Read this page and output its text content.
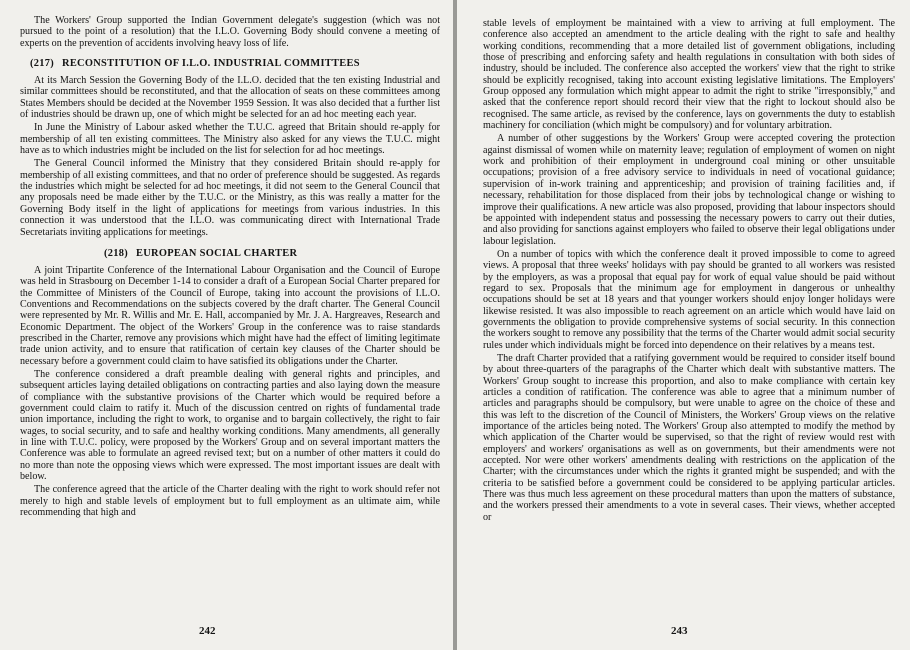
The Workers' Group supported the Indian Government delegate's suggestion (which was not pursued to the point of a resolution) that the I.L.O. Governing Body should convene a meeting of experts on the prevention of accidents involving heavy loss of life.

(217) RECONSTITUTION OF I.L.O. INDUSTRIAL COMMITTEES

At its March Session the Governing Body of the I.L.O. decided that the ten existing Industrial and similar committees should be reconstituted, and that the allocation of seats on these committees among States Members should be decided at the November 1959 Session. It was also decided that a further list of industries should be drawn up, one of which might be selected for an ad hoc meeting each year.

In June the Ministry of Labour asked whether the T.U.C. agreed that Britain should re-apply for membership of all ten existing committees. The Ministry also asked for any views the T.U.C. might have as to which industries might be included on the list for selection for ad hoc meetings.

The General Council informed the Ministry that they considered Britain should re-apply for membership of all existing committees, and that no order of preference should be suggested. As regards the industries which might be selected for ad hoc meetings, it did not seem to the General Council that any proposals need be made either by the T.U.C. or the Ministry, as this was really a matter for the Governing Body itself in the light of applications for meetings from various industries. In this connection it was understood that the I.L.O. was communicating direct with International Trade Secretariats inviting applications for meetings.

(218) EUROPEAN SOCIAL CHARTER

A joint Tripartite Conference of the International Labour Organisation and the Council of Europe was held in Strasbourg on December 1-14 to consider a draft of a European Social Charter prepared for the Committee of Ministers of the Council of Europe, taking into account the provisions of I.L.O. Conventions and Recommendations on the subjects covered by the draft charter. The General Council were represented by Mr. R. Willis and Mr. E. Hall, accompanied by Mr. J. A. Hargreaves, Research and Economic Department. The object of the Workers' Group in the conference was to raise standards prescribed in the Charter, remove any provisions which might have had the effect of limiting legitimate trade union activity, and to ensure that ratification of certain key clauses of the Charter should be necessary before a government could claim to have satisfied its obligations under the Charter.

The conference considered a draft preamble dealing with general rights and principles, and subsequent articles laying detailed obligations on contracting parties and also laying down the measure of compliance with the substantive provisions of the Charter which would be required before a government could claim to ratify it. Much of the discussion centred on rights of fundamental trade union importance, including the right to work, to organise and to bargain collectively, the right to fair wages, to social security, and to safe and healthy working conditions. Many amendments, all generally in line with T.U.C. policy, were proposed by the Workers' Group and on several important matters the Conference was able to formulate an agreed revised text; but on a number of other matters it could do no more than note the opposing views which were expressed. The most important issues are dealt with below.

The conference agreed that the article of the Charter dealing with the right to work should refer not merely to high and stable levels of employment but to full employment as an ultimate aim, while recommending that high and

242

stable levels of employment be maintained with a view to arriving at full employment. The conference also accepted an amendment to the article dealing with the right to safe and healthy working conditions, recommending that a more detailed list of government obligations, including those of prescribing and enforcing safety and health regulations in consultation with both sides of industry, should be included. The conference also accepted the workers' view that the right to strike should be explicitly recognised, taking into account existing legislative limitations. The Employers' Group opposed any formulation which might appear to admit the right to strike "irresponsibly," and asked that the conference report should record their view that the right to lockout should also be recognised. The same article, as revised by the conference, lays on governments the duty to establish machinery for conciliation (which might be compulsory) and for voluntary arbitration.

A number of other suggestions by the Workers' Group were accepted covering the protection against dismissal of women while on maternity leave; regulation of employment of women on night work and prohibition of their employment in underground coal mining or other unsuitable occupations; provision of a free advisory service to individuals in need of vocational guidance; supervision of in-work training and apprenticeship; and provision of training facilities and, if necessary, rehabilitation for those displaced from their jobs by technological change or wishing to improve their qualifications. A new article was also proposed, providing that labour inspectors should be appointed with independent status and possessing the necessary powers to carry out their duties, and also providing for sanctions against employers who failed to observe their legal obligations under labour legislation.

On a number of topics with which the conference dealt it proved impossible to come to agreed views. A proposal that three weeks' holidays with pay should be granted to all workers was resisted by the employers, as was a proposal that equal pay for work of equal value should be paid without regard to sex. Proposals that the minimum age for employment in dangerous or unhealthy occupations should be set at 18 years and that younger workers should enjoy longer holidays were likewise resisted. It was also impossible to reach agreement on an article which would have laid on governments the obligation to provide comprehensive systems of social security. In this connection the workers sought to remove any possibility that the terms of the Charter would admit social security rules under which individuals might be forced into dependence on their relatives by a means test.

The draft Charter provided that a ratifying government would be required to consider itself bound by about three-quarters of the paragraphs of the Charter which dealt with substantive matters. The Workers' Group sought to increase this proportion, and also to make compliance with certain key articles a condition of ratification. The conference was able to agree that a minimum number of articles and paragraphs should be compulsory, but were unable to agree on the choice of these and this was left to the discretion of the Council of Ministers, the Workers' Group views on the relative importance of the articles being noted. The Workers' Group also attempted to modify the method by which application of the Charter would be supervised, so that the right of review would rest with employers' and workers' organisations as well as on governments, but their amendments were not accepted. Nor were other workers' amendments dealing with restrictions on the application of the Charter; with the circumstances under which the rights it granted might be suspended; and with the criteria to be satisfied before a government could be considered to be applying particular articles. There was thus much less agreement on these procedural matters than upon the matters of substance, and the workers pressed their amendments to a vote in several cases. Their views, whether accepted or

243
